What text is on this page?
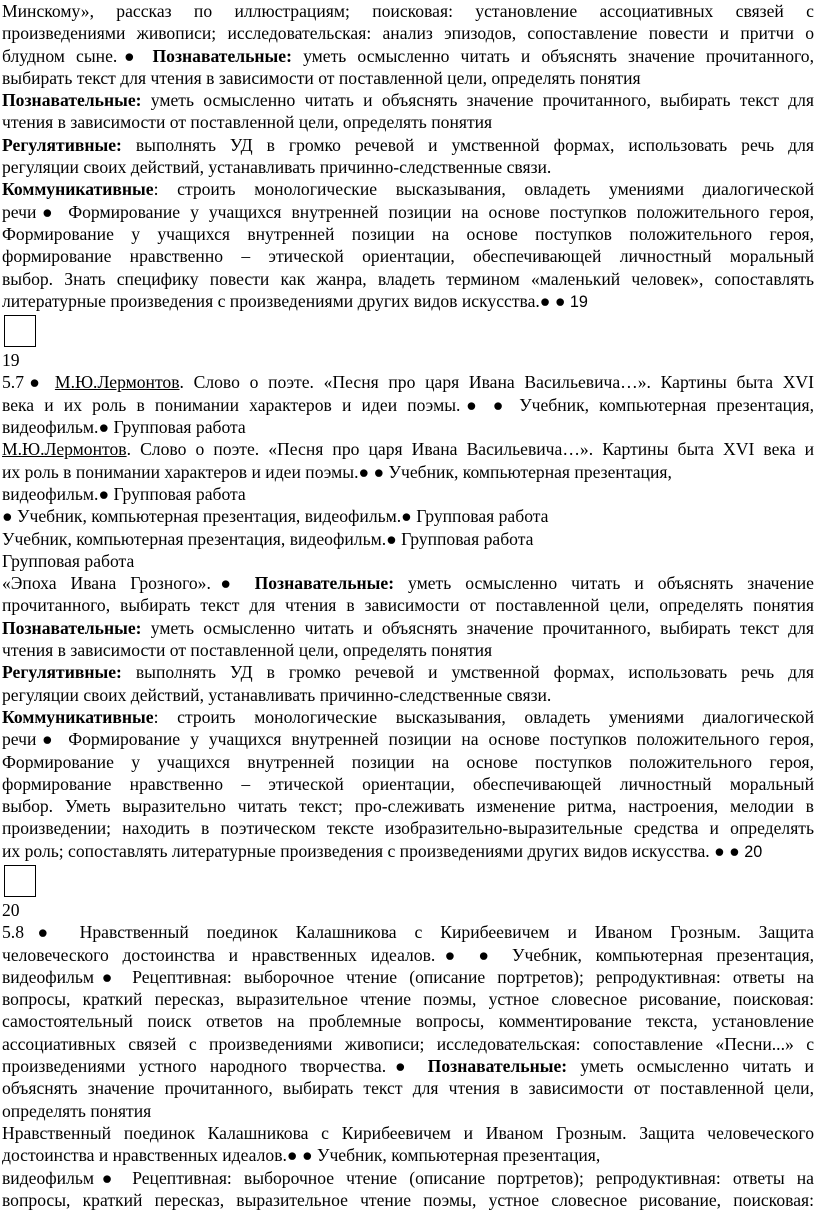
Минскому», рассказ по иллюстрациям; поисковая: установление ассоциативных связей с
произведениями живописи; исследовательская: анализ эпизодов, сопоставление повести и притчи о
блудном сыне.● Познавательные: уметь осмысленно читать и объяснять значение прочитанного,
выбирать текст для чтения в зависимости от поставленной цели, определять понятия
Познавательные: уметь осмысленно читать и объяснять значение прочитанного, выбирать текст для
чтения в зависимости от поставленной цели, определять понятия
Регулятивные: выполнять УД в громко речевой и умственной формах, использовать речь для
регуляции своих действий, устанавливать причинно-следственные связи.
Коммуникативные: строить монологические высказывания, овладеть умениями диалогической
речи● Формирование у учащихся внутренней позиции на основе поступков положительного героя,
Формирование у учащихся внутренней позиции на основе поступков положительного героя,
формирование нравственно – этической ориентации, обеспечивающей личностный моральный
выбор. Знать специфику повести как жанра, владеть термином «маленький человек», сопоставлять
литературные произведения с произведениями других видов искусства.● ● 19
19
5.7● М.Ю.Лермонтов. Слово о поэте. «Песня про царя Ивана Васильевича…». Картины быта XVI
века и их роль в понимании характеров и идеи поэмы.● ● Учебник, компьютерная презентация,
видеофильм.● Групповая работа
М.Ю.Лермонтов. Слово о поэте. «Песня про царя Ивана Васильевича…». Картины быта XVI века и
их роль в понимании характеров и идеи поэмы.● ● Учебник, компьютерная презентация,
видеофильм.● Групповая работа
● Учебник, компьютерная презентация, видеофильм.● Групповая работа
Учебник, компьютерная презентация, видеофильм.● Групповая работа
Групповая работа
«Эпоха Ивана Грозного».● Познавательные: уметь осмысленно читать и объяснять значение
прочитанного, выбирать текст для чтения в зависимости от поставленной цели, определять понятия
Познавательные: уметь осмысленно читать и объяснять значение прочитанного, выбирать текст для
чтения в зависимости от поставленной цели, определять понятия
Регулятивные: выполнять УД в громко речевой и умственной формах, использовать речь для
регуляции своих действий, устанавливать причинно-следственные связи.
Коммуникативные: строить монологические высказывания, овладеть умениями диалогической
речи● Формирование у учащихся внутренней позиции на основе поступков положительного героя,
Формирование у учащихся внутренней позиции на основе поступков положительного героя,
формирование нравственно – этической ориентации, обеспечивающей личностный моральный
выбор. Уметь выразительно читать текст; про-слеживать изменение ритма, настроения, мелодии в
произведении; находить в поэтическом тексте изобразительно-выразительные средства и определять
их роль; сопоставлять литературные произведения с произведениями других видов искусства. ● ● 20
20
5.8● Нравственный поединок Калашникова с Кирибеевичем и Иваном Грозным. Защита
человеческого достоинства и нравственных идеалов.● ● Учебник, компьютерная презентация,
видеофильм● Рецептивная: выборочное чтение (описание портретов); репродуктивная: ответы на
вопросы, краткий пересказ, выразительное чтение поэмы, устное словесное рисование, поисковая:
самостоятельный поиск ответов на проблемные вопросы, комментирование текста, установление
ассоциативных связей с произведениями живописи; исследовательская: сопоставление «Песни...» с
произведениями устного народного творчества.● Познавательные: уметь осмысленно читать и
объяснять значение прочитанного, выбирать текст для чтения в зависимости от поставленной цели,
определять понятия
Нравственный поединок Калашникова с Кирибеевичем и Иваном Грозным. Защита человеческого
достоинства и нравственных идеалов.● ● Учебник, компьютерная презентация,
видеофильм● Рецептивная: выборочное чтение (описание портретов); репродуктивная: ответы на
вопросы, краткий пересказ, выразительное чтение поэмы, устное словесное рисование, поисковая:
